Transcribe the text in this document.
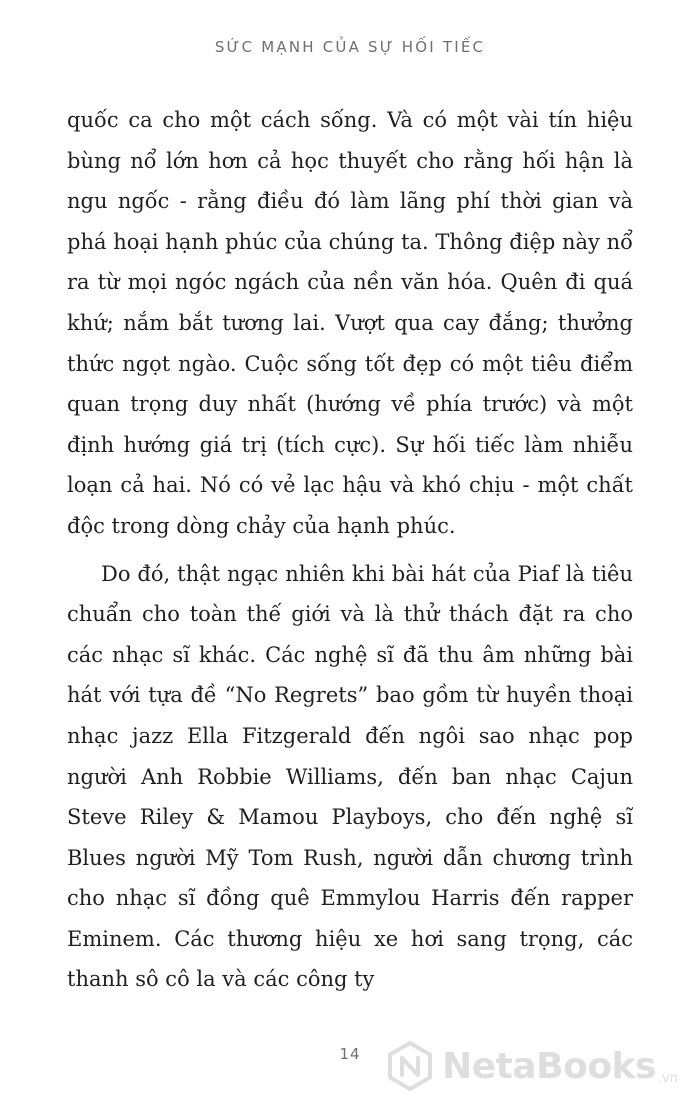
SỨC MẠNH CỦA SỰ HỐI TIẾC

quốc ca cho một cách sống. Và có một vài tín hiệu bùng nổ lớn hơn cả học thuyết cho rằng hối hận là ngu ngốc - rằng điều đó làm lãng phí thời gian và phá hoại hạnh phúc của chúng ta. Thông điệp này nổ ra từ mọi ngóc ngách của nền văn hóa. Quên đi quá khứ; nắm bắt tương lai. Vượt qua cay đắng; thưởng thức ngọt ngào. Cuộc sống tốt đẹp có một tiêu điểm quan trọng duy nhất (hướng về phía trước) và một định hướng giá trị (tích cực). Sự hối tiếc làm nhiễu loạn cả hai. Nó có vẻ lạc hậu và khó chịu - một chất độc trong dòng chảy của hạnh phúc.

Do đó, thật ngạc nhiên khi bài hát của Piaf là tiêu chuẩn cho toàn thế giới và là thử thách đặt ra cho các nhạc sĩ khác. Các nghệ sĩ đã thu âm những bài hát với tựa đề “No Regrets” bao gồm từ huyền thoại nhạc jazz Ella Fitzgerald đến ngôi sao nhạc pop người Anh Robbie Williams, đến ban nhạc Cajun Steve Riley & Mamou Playboys, cho đến nghệ sĩ Blues người Mỹ Tom Rush, người dẫn chương trình cho nhạc sĩ đồng quê Emmylou Harris đến rapper Eminem. Các thương hiệu xe hơi sang trọng, các thanh sô cô la và các công ty

14	NetaBooks .vn
